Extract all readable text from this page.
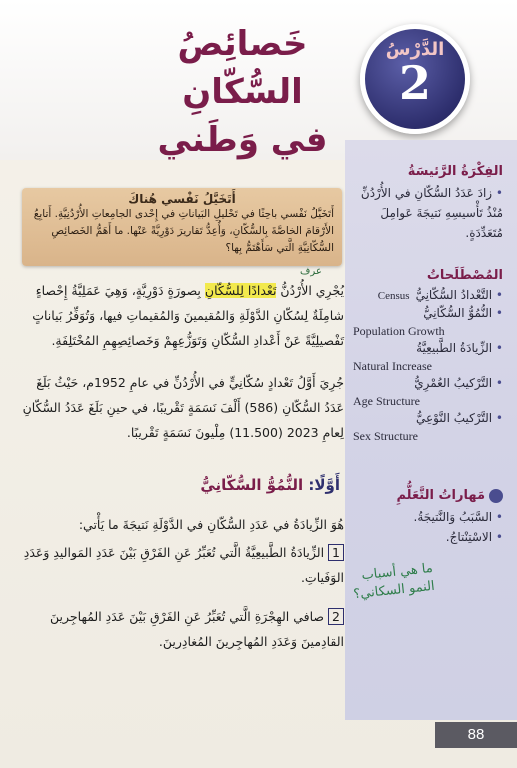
خَصائِصُ السُّكّانِ
في وَطَني
الدَّرْسُ
2
الفِكْرَةُ الرَّئيسَةُ
• زادَ عَدَدُ السُّكّانِ في الأُرْدُنِّ مُنْذُ تَأْسيسِهِ نَتيجَةَ عَوامِلَ مُتَعَدِّدَةٍ.
المُصْطَلَحاتُ
• التَّعْدادُ السُّكّانِيُّCensus
• النُّمُوُّ السُّكّانِيُّ
Population Growth
• الزِّيادَةُ الطَّبيعِيَّةُ
Natural Increase
• التَّرْكيبُ العُمْرِيُّ
Age Structure
• التَّرْكيبُ النَّوْعِيُّ
Sex Structure
مَهاراتُ التَّعَلُّمِ
• السَّبَبُ وَالنَّتيجَةُ.
• الاسْتِنْتاجُ.
أَتَخَيَّلُ نَفْسي هُناكَ
أَتَخَيَّلُ نَفْسي باحِثًا في تَحْليلِ البَياناتِ في إِحْدى الجامِعاتِ الأُرْدُنِيَّةِ. أَتابِعُ الأَرْقامَ الخاصَّةَ بِالسُّكّانِ، وَأُعِدُّ تَقاريرَ دَوْرِيَّةً عَنْها. ما أَهَمُّ الخَصائِصِ السُّكّانِيَّةِ الَّتي سَأَهْتَمُّ بِها؟
عرف
يُجْرِي الأُرْدُنُّ تَعْدادًا لِلسُّكّانِ بِصورَةٍ دَوْرِيَّةٍ، وَهِيَ عَمَلِيَّةُ إِحْصاءٍ شامِلَةٌ لِسُكّانِ الدَّوْلَةِ وَالمُقيمينَ وَالمُقيماتِ فيها، وَتُوَفِّرُ بَياناتٍ تَفْصيلِيَّةً عَنْ أَعْدادِ السُّكّانِ وَتَوَزُّعِهِمْ وَخَصائِصِهِمِ المُخْتَلِفَةِ.
جُرِيَ أَوَّلُ تَعْدادٍ سُكّانِيٍّ في الأُرْدُنِّ في عامِ 1952م، حَيْثُ بَلَغَ عَدَدُ السُّكّانِ (586) أَلْفَ نَسَمَةٍ تَقْريبًا، في حينِ بَلَغَ عَدَدُ السُّكّانِ لِعامِ 2023 (11.500) مِلْيونَ نَسَمَةٍ تَقْريبًا.
أَوَّلًا: النُّمُوُّ السُّكّانِيُّ
هُوَ الزِّيادَةُ في عَدَدِ السُّكّانِ في الدَّوْلَةِ نَتيجَةَ ما يَأْتي:
1 الزِّيادَةُ الطَّبيعِيَّةُ الَّتي تُعَبِّرُ عَنِ الفَرْقِ بَيْنَ عَدَدِ المَواليدِ وَعَدَدِ الوَفَياتِ.
2 صافي الهِجْرَةِ الَّتي تُعَبِّرُ عَنِ الفَرْقِ بَيْنَ عَدَدِ المُهاجِرينَ القادِمينَ وَعَدَدِ المُهاجِرينَ المُغادِرينَ.
ما هي أسباب النمو السكاني؟
88
